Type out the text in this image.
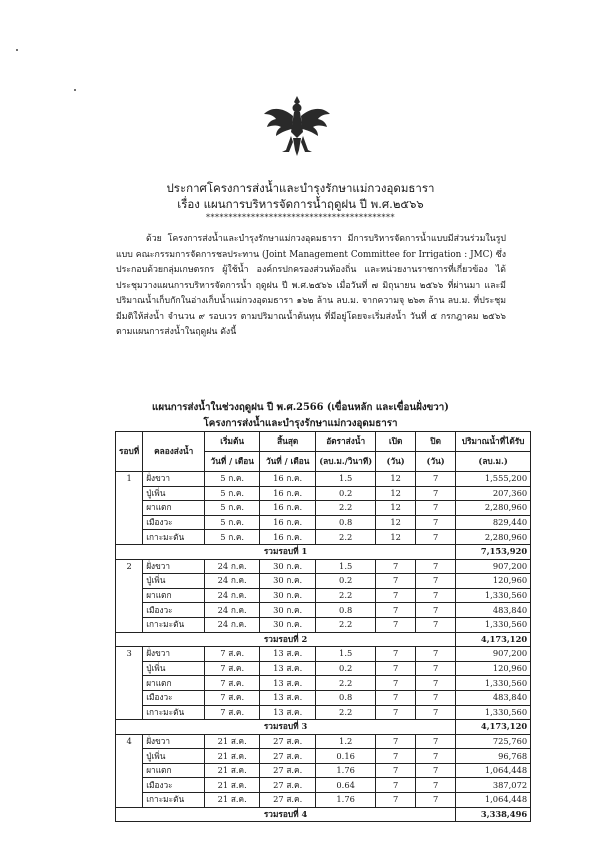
ประกาศโครงการส่งน้ำและบำรุงรักษาแม่กวงอุดมธารา
เรื่อง แผนการบริหารจัดการน้ำฤดูฝน ปี พ.ศ.๒๕๖๖
******************************************
ด้วย โครงการส่งน้ำและบำรุงรักษาแม่กวงอุดมธารา มีการบริหารจัดการน้ำแบบมีส่วนร่วมในรูปแบบ คณะกรรมการจัดการชลประทาน (Joint Management Committee for Irrigation : JMC) ซึ่งประกอบด้วยกลุ่มเกษตรกร ผู้ใช้น้ำ องค์กรปกครองส่วนท้องถิ่น และหน่วยงานราชการที่เกี่ยวข้อง ได้ประชุมวางแผนการบริหารจัดการน้ำ ฤดูฝน ปี พ.ศ.๒๕๖๖ เมื่อวันที่ ๗ มิถุนายน ๒๕๖๖ ที่ผ่านมา และมีปริมาณน้ำเก็บกักในอ่างเก็บน้ำแม่กวงอุดมธารา ๑๖๒ ล้าน ลบ.ม. จากความจุ ๒๖๓ ล้าน ลบ.ม. ที่ประชุมมีมติให้ส่งน้ำ จำนวน ๙ รอบเวร ตามปริมาณน้ำต้นทุน ที่มีอยู่โดยจะเริ่มส่งน้ำ วันที่ ๕ กรกฎาคม ๒๕๖๖ ตามแผนการส่งน้ำในฤดูฝน ดังนี้
แผนการส่งน้ำในช่วงฤดูฝน ปี พ.ศ.2566 (เขื่อนหลัก และเขื่อนฝั่งขวา)
โครงการส่งน้ำและบำรุงรักษาแม่กวงอุดมธารา
รอบที่	คลองส่งน้ำ	เริ่มต้น	สิ้นสุด	อัตราส่งน้ำ	เปิด	ปิด	ปริมาณน้ำที่ได้รับ
		วันที่ / เดือน	วันที่ / เดือน	(ลบ.ม./วินาที)	(วัน)	(วัน)	(ลบ.ม.)
1	ฝั่งขวา	5 ก.ค.	16 ก.ค.	1.5	12	7	1,555,200
	ปู่เพิ่น	5 ก.ค.	16 ก.ค.	0.2	12	7	207,360
	ผาแตก	5 ก.ค.	16 ก.ค.	2.2	12	7	2,280,960
	เมืองวะ	5 ก.ค.	16 ก.ค.	0.8	12	7	829,440
	เกาะมะตัน	5 ก.ค.	16 ก.ค.	2.2	12	7	2,280,960
รวมรอบที่ 1							7,153,920
2	ฝั่งขวา	24 ก.ค.	30 ก.ค.	1.5	7	7	907,200
	ปู่เพิ่น	24 ก.ค.	30 ก.ค.	0.2	7	7	120,960
	ผาแตก	24 ก.ค.	30 ก.ค.	2.2	7	7	1,330,560
	เมืองวะ	24 ก.ค.	30 ก.ค.	0.8	7	7	483,840
	เกาะมะตัน	24 ก.ค.	30 ก.ค.	2.2	7	7	1,330,560
รวมรอบที่ 2							4,173,120
3	ฝั่งขวา	7 ส.ค.	13 ส.ค.	1.5	7	7	907,200
	ปู่เพิ่น	7 ส.ค.	13 ส.ค.	0.2	7	7	120,960
	ผาแตก	7 ส.ค.	13 ส.ค.	2.2	7	7	1,330,560
	เมืองวะ	7 ส.ค.	13 ส.ค.	0.8	7	7	483,840
	เกาะมะตัน	7 ส.ค.	13 ส.ค.	2.2	7	7	1,330,560
รวมรอบที่ 3							4,173,120
4	ฝั่งขวา	21 ส.ค.	27 ส.ค.	1.2	7	7	725,760
	ปู่เพิ่น	21 ส.ค.	27 ส.ค.	0.16	7	7	96,768
	ผาแตก	21 ส.ค.	27 ส.ค.	1.76	7	7	1,064,448
	เมืองวะ	21 ส.ค.	27 ส.ค.	0.64	7	7	387,072
	เกาะมะตัน	21 ส.ค.	27 ส.ค.	1.76	7	7	1,064,448
รวมรอบที่ 4							3,338,496
